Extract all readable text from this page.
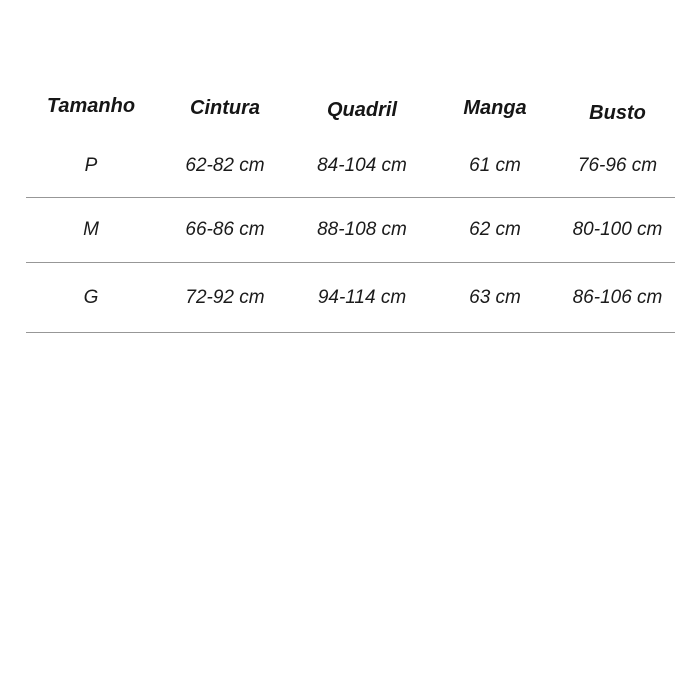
Tamanho	Cintura	Quadril	Manga	Busto
P	62-82 cm	84-104 cm	61 cm	76-96 cm
M	66-86 cm	88-108 cm	62 cm	80-100 cm
G	72-92 cm	94-114 cm	63 cm	86-106 cm
